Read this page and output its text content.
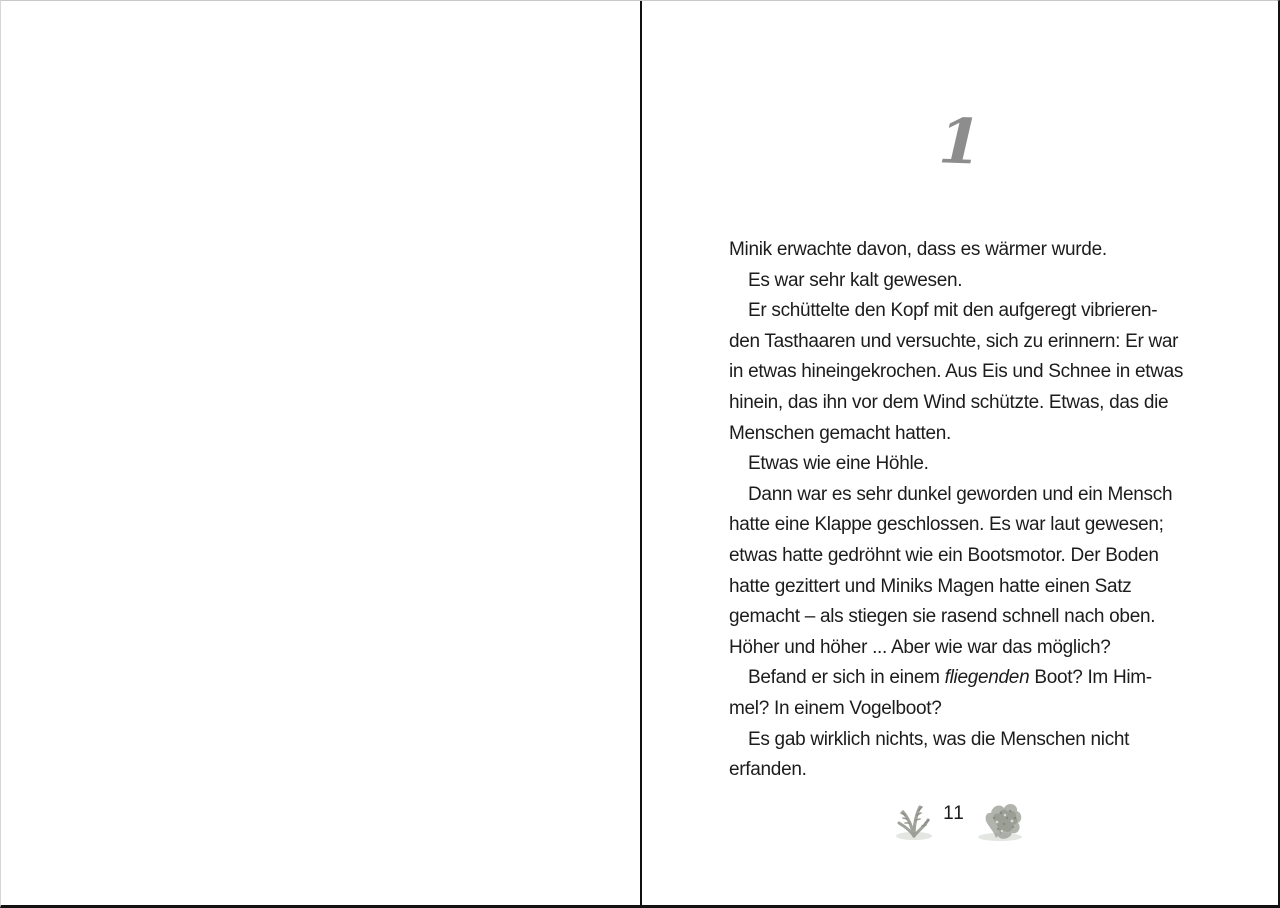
1
Minik erwachte davon, dass es wärmer wurde.
Es war sehr kalt gewesen.
Er schüttelte den Kopf mit den aufgeregt vibrieren-
den Tasthaaren und versuchte, sich zu erinnern: Er war
in etwas hineingekrochen. Aus Eis und Schnee in etwas
hinein, das ihn vor dem Wind schützte. Etwas, das die
Menschen gemacht hatten.
Etwas wie eine Höhle.
Dann war es sehr dunkel geworden und ein Mensch
hatte eine Klappe geschlossen. Es war laut gewesen;
etwas hatte gedröhnt wie ein Bootsmotor. Der Boden
hatte gezittert und Miniks Magen hatte einen Satz
gemacht – als stiegen sie rasend schnell nach oben.
Höher und höher ... Aber wie war das möglich?
Befand er sich in einem fliegenden Boot? Im Him-
mel? In einem Vogelboot?
Es gab wirklich nichts, was die Menschen nicht
erfanden.
11
